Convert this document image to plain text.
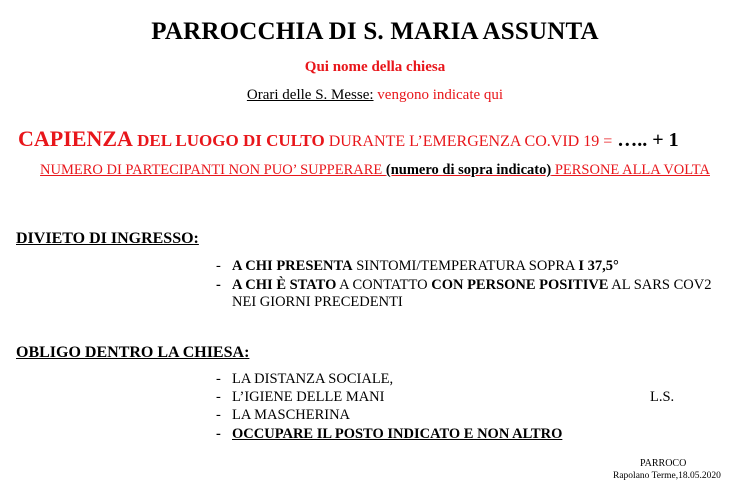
PARROCCHIA DI S. MARIA ASSUNTA
Qui nome della chiesa
Orari delle S. Messe: vengono indicate qui
CAPIENZA DEL LUOGO DI CULTO DURANTE L’EMERGENZA CO.VID 19 = ….. + 1
NUMERO DI PARTECIPANTI NON PUO’ SUPPERARE (numero di sopra indicato) PERSONE ALLA VOLTA
DIVIETO DI INGRESSO:
- A CHI PRESENTA SINTOMI/TEMPERATURA SOPRA I 37,5°
- A CHI È STATO A CONTATTO CON PERSONE POSITIVE AL SARS COV2
NEI GIORNI PRECEDENTI
OBLIGO DENTRO LA CHIESA:
- LA DISTANZA SOCIALE,
- L’IGIENE DELLE MANI
- LA MASCHERINA
- OCCUPARE IL POSTO INDICATO E NON ALTRO
L.S.
PARROCO
Rapolano Terme,18.05.2020
